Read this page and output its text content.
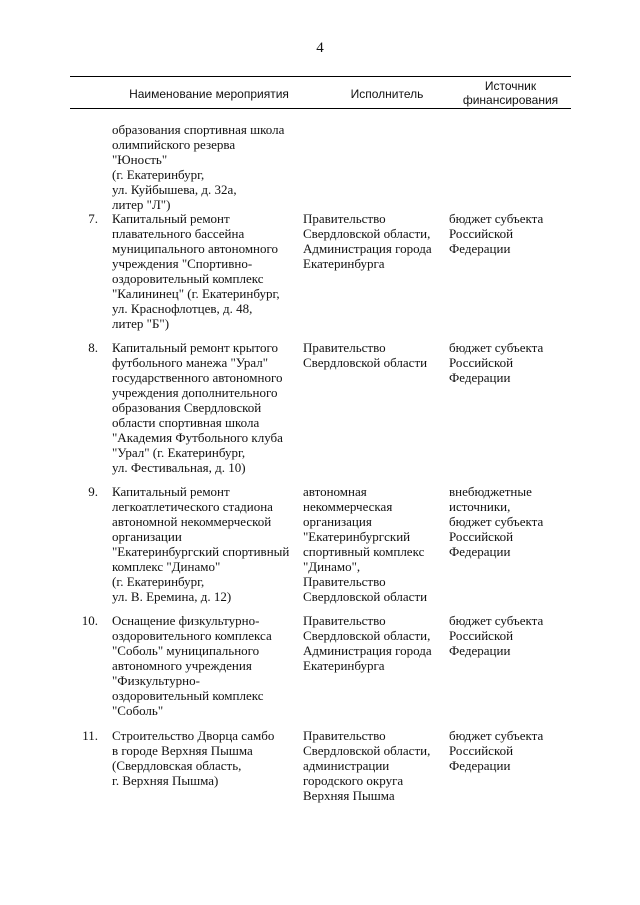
4
Наименование мероприятия	Исполнитель
Источник
финансирования
образования спортивная школа
олимпийского резерва "Юность"
(г. Екатеринбург,
ул. Куйбышева, д. 32а,
литер "Л")
7. Капитальный ремонт
плавательного бассейна
муниципального автономного
учреждения "Спортивно-
оздоровительный комплекс
"Калининец" (г. Екатеринбург,
ул. Краснофлотцев, д. 48,
литер "Б")
Правительство
Свердловской области,
Администрация города
Екатеринбурга
бюджет субъекта
Российской
Федерации
8. Капитальный ремонт крытого
футбольного манежа "Урал"
государственного автономного
учреждения дополнительного
образования Свердловской
области спортивная школа
"Академия Футбольного клуба
"Урал" (г. Екатеринбург,
ул. Фестивальная, д. 10)
Правительство
Свердловской области
бюджет субъекта
Российской
Федерации
9. Капитальный ремонт
легкоатлетического стадиона
автономной некоммерческой
организации
"Екатеринбургский спортивный
комплекс "Динамо"
(г. Екатеринбург,
ул. В. Еремина, д. 12)
автономная
некоммерческая
организация
"Екатеринбургский
спортивный комплекс
"Динамо",
Правительство
Свердловской области
внебюджетные
источники,
бюджет субъекта
Российской
Федерации
10. Оснащение физкультурно-
оздоровительного комплекса
"Соболь" муниципального
автономного учреждения
"Физкультурно-
оздоровительный комплекс
"Соболь"
Правительство
Свердловской области,
Администрация города
Екатеринбурга
бюджет субъекта
Российской
Федерации
11. Строительство Дворца самбо
в городе Верхняя Пышма
(Свердловская область,
г. Верхняя Пышма)
Правительство
Свердловской области,
администрации
городского округа
Верхняя Пышма
бюджет субъекта
Российской
Федерации
